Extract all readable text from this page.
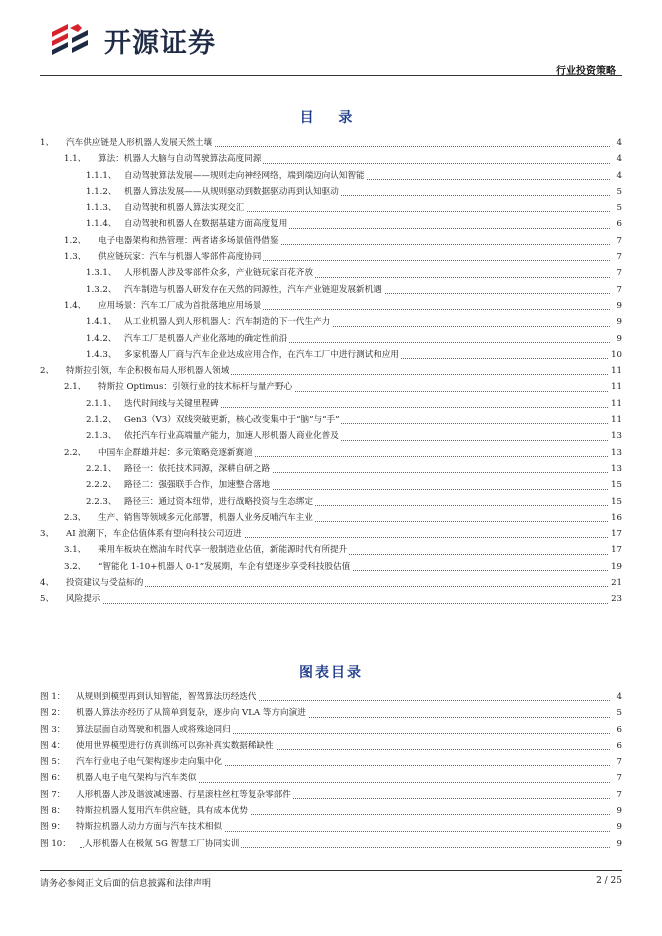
开源证券
行业投资策略
目 录
1、 汽车供应链是人形机器人发展天然土壤	4
1.1、 算法：机器人大脑与自动驾驶算法高度同源	4
1.1.1、 自动驾驶算法发展——规则走向神经网络，端到端迈向认知智能	4
1.1.2、 机器人算法发展——从规则驱动到数据驱动再到认知驱动	5
1.1.3、 自动驾驶和机器人算法实现交汇	5
1.1.4、 自动驾驶和机器人在数据基建方面高度复用	6
1.2、 电子电器架构和热管理：两者诸多场景值得借鉴	7
1.3、 供应链玩家：汽车与机器人零部件高度协同	7
1.3.1、 人形机器人涉及零部件众多，产业链玩家百花齐放	7
1.3.2、 汽车制造与机器人研发存在天然的同源性，汽车产业链迎发展新机遇	7
1.4、 应用场景：汽车工厂成为首批落地应用场景	9
1.4.1、 从工业机器人到人形机器人：汽车制造的下一代生产力	9
1.4.2、 汽车工厂是机器人产业化落地的确定性前沿	9
1.4.3、 多家机器人厂商与汽车企业达成应用合作，在汽车工厂中进行测试和应用	10
2、 特斯拉引领，车企积极布局人形机器人领域	11
2.1、 特斯拉 Optimus：引领行业的技术标杆与量产野心	11
2.1.1、 迭代时间线与关键里程碑	11
2.1.2、 Gen3（V3）双线突破更新，核心改变集中于“脑”与“手”	11
2.1.3、 依托汽车行业高端量产能力，加速人形机器人商业化普及	13
2.2、 中国车企群雄并起：多元策略竞逐新赛道	13
2.2.1、 路径一：依托技术同源，深耕自研之路	13
2.2.2、 路径二：强强联手合作，加速整合落地	15
2.2.3、 路径三：通过资本纽带，进行战略投资与生态绑定	15
2.3、 生产、销售等领域多元化部署，机器人业务反哺汽车主业	16
3、 AI 浪潮下，车企估值体系有望向科技公司迈进	17
3.1、 乘用车板块在燃油车时代享一般制造业估值，新能源时代有所提升	17
3.2、 “智能化 1-10+机器人 0-1”发展期，车企有望逐步享受科技股估值	19
4、 投资建议与受益标的	21
5、 风险提示	23
图表目录
图 1： 从规则到模型再到认知智能，智驾算法历经迭代	4
图 2： 机器人算法亦经历了从简单到复杂，逐步向 VLA 等方向演进	5
图 3： 算法层面自动驾驶和机器人或将殊途同归	6
图 4： 使用世界模型进行仿真训练可以弥补真实数据稀缺性	6
图 5： 汽车行业电子电气架构逐步走向集中化	7
图 6： 机器人电子电气架构与汽车类似	7
图 7： 人形机器人涉及谐波减速器、行星滚柱丝杠等复杂零部件	7
图 8： 特斯拉机器人复用汽车供应链，具有成本优势	9
图 9： 特斯拉机器人动力方面与汽车技术相似	9
图 10： 人形机器人在极氪 5G 智慧工厂协同实训	9
请务必参阅正文后面的信息披露和法律声明	2 / 25
